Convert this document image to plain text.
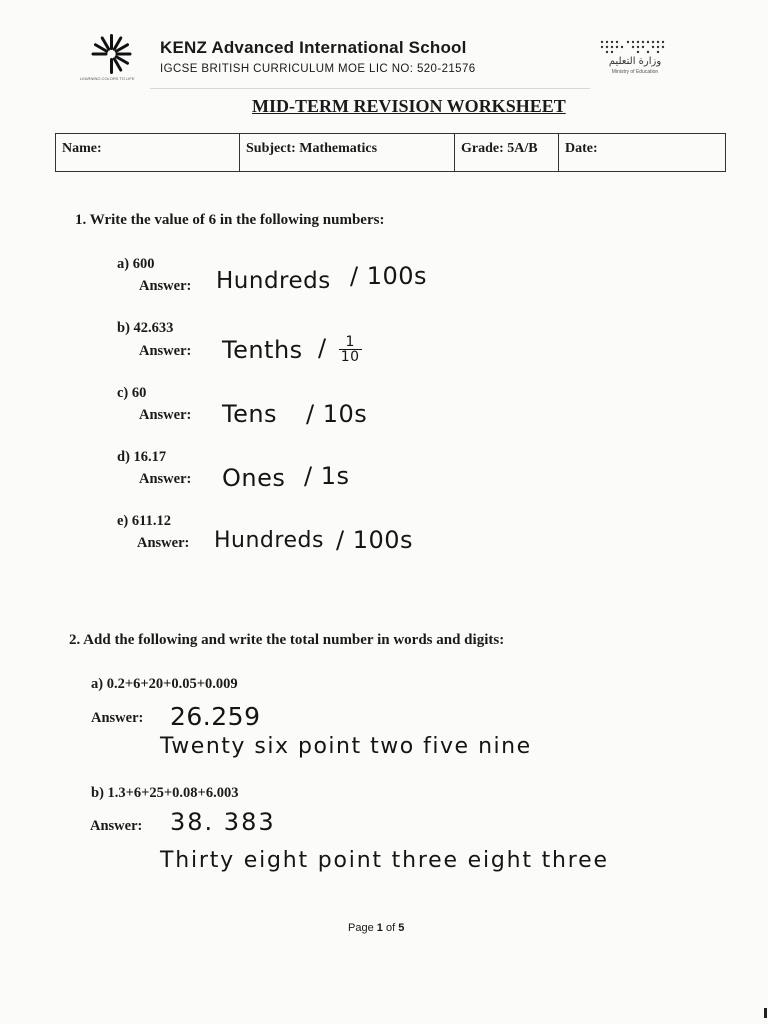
LEARNING COLORS TO LIFE
KENZ Advanced International School
IGCSE BRITISH CURRICULUM MOE LIC NO: 520-21576
وزارة التعليم
Ministry of Education
MID-TERM REVISION WORKSHEET
Name:	Subject: Mathematics	Grade: 5A/B	Date:
1. Write the value of 6 in the following numbers:
a) 600
Answer: Hundreds / 100s
b) 42.633
Answer: Tenths / $\frac{1}{10}$
c) 60
Answer: Tens / 10s
d) 16.17
Answer: Ones / 1s
e) 611.12
Answer: Hundreds / 100s
2. Add the following and write the total number in words and digits:
a) 0.2+6+20+0.05+0.009
Answer: 26.259
Twenty six point two five nine
b) 1.3+6+25+0.08+6.003
Answer: 38. 383
Thirty eight point three eight three
Page 1 of 5
